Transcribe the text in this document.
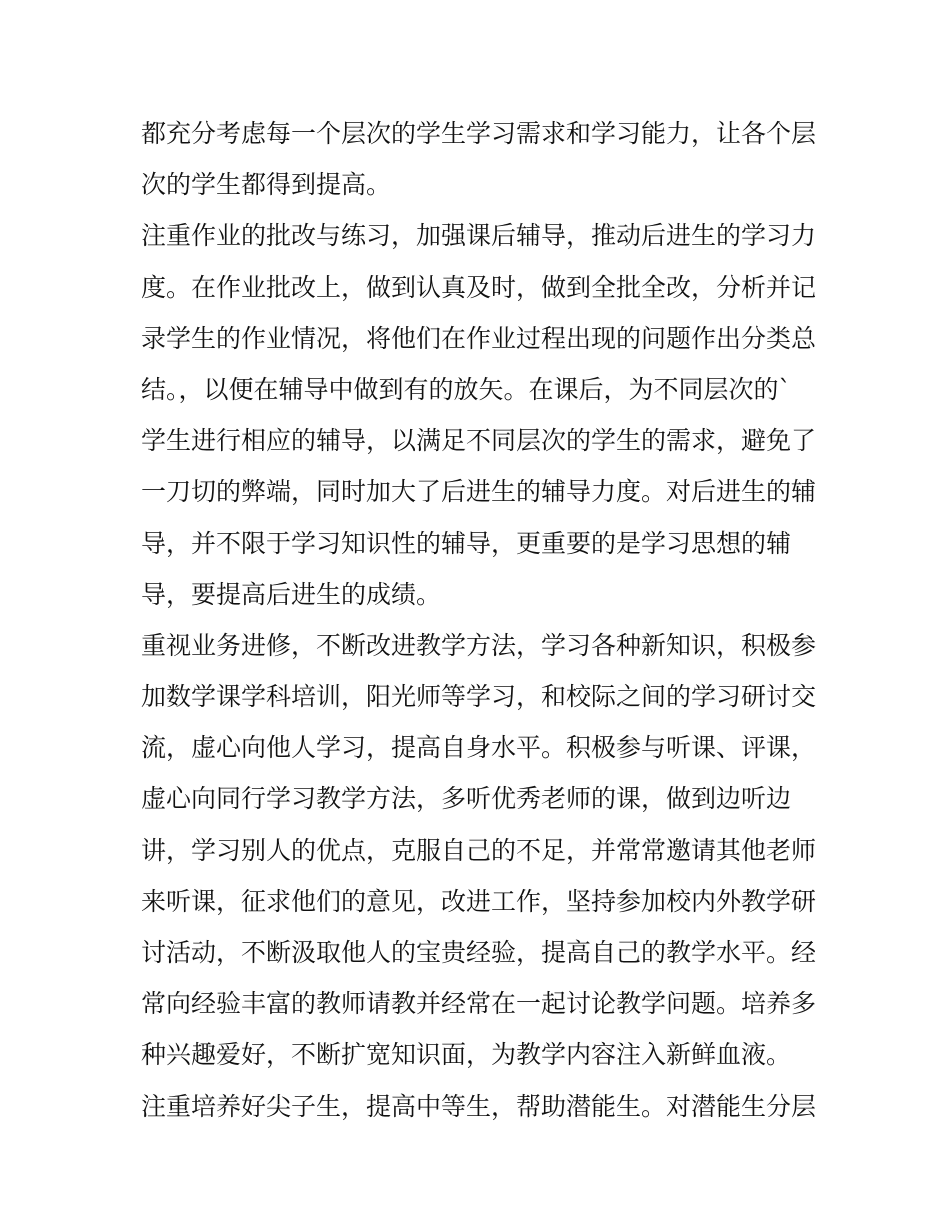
都充分考虑每一个层次的学生学习需求和学习能力，让各个层
次的学生都得到提高。
注重作业的批改与练习，加强课后辅导，推动后进生的学习力
度。在作业批改上，做到认真及时，做到全批全改，分析并记
录学生的作业情况，将他们在作业过程出现的问题作出分类总
结。，以便在辅导中做到有的放矢。在课后，为不同层次的`
学生进行相应的辅导，以满足不同层次的学生的需求，避免了
一刀切的弊端，同时加大了后进生的辅导力度。对后进生的辅
导，并不限于学习知识性的辅导，更重要的是学习思想的辅
导，要提高后进生的成绩。
重视业务进修，不断改进教学方法，学习各种新知识，积极参
加数学课学科培训，阳光师等学习，和校际之间的学习研讨交
流，虚心向他人学习，提高自身水平。积极参与听课、评课，
虚心向同行学习教学方法，多听优秀老师的课，做到边听边
讲，学习别人的优点，克服自己的不足，并常常邀请其他老师
来听课，征求他们的意见，改进工作，坚持参加校内外教学研
讨活动，不断汲取他人的宝贵经验，提高自己的教学水平。经
常向经验丰富的教师请教并经常在一起讨论教学问题。培养多
种兴趣爱好，不断扩宽知识面，为教学内容注入新鲜血液。
注重培养好尖子生，提高中等生，帮助潜能生。对潜能生分层
